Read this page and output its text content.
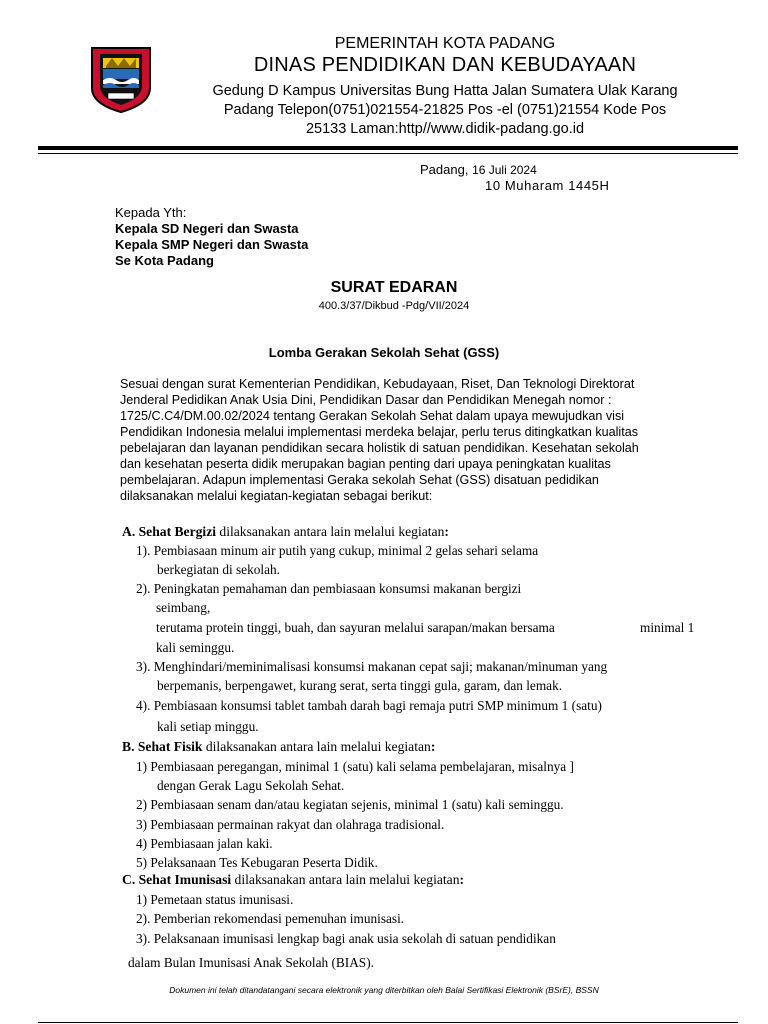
PEMERINTAH KOTA PADANG
DINAS PENDIDIKAN DAN KEBUDAYAAN
Gedung D Kampus Universitas Bung Hatta Jalan Sumatera Ulak Karang
Padang Telepon(0751)021554-21825 Pos -el (0751)21554 Kode Pos
25133 Laman:http//www.didik-padang.go.id
Padang, 16 Juli 2024
10 Muharam 1445H
Kepada Yth:
Kepala SD Negeri dan Swasta
Kepala SMP Negeri dan Swasta
Se Kota Padang
SURAT EDARAN
400.3/37/Dikbud -Pdg/VII/2024
Lomba Gerakan Sekolah Sehat (GSS)

Sesuai dengan surat Kementerian Pendidikan, Kebudayaan, Riset, Dan Teknologi Direktorat

Jenderal Pedidikan Anak Usia Dini, Pendidikan Dasar dan Pendidikan Menegah nomor :

1725/C.C4/DM.00.02/2024 tentang Gerakan Sekolah Sehat dalam upaya mewujudkan visi

Pendidikan Indonesia melalui implementasi merdeka belajar, perlu terus ditingkatkan kualitas

pebelajaran dan layanan pendidikan secara holistik di satuan pendidikan. Kesehatan sekolah

dan kesehatan peserta didik merupakan bagian penting dari upaya peningkatan kualitas

pembelajaran. Adapun implementasi Geraka sekolah Sehat (GSS) disatuan pedidikan

dilaksanakan melalui kegiatan-kegiatan sebagai berikut:

A. Sehat Bergizi dilaksanakan antara lain melalui kegiatan:
1). Pembiasaan minum air putih yang cukup, minimal 2 gelas sehari selama
berkegiatan di sekolah.
2). Peningkatan pemahaman dan pembiasaan konsumsi makanan bergizi
seimbang,
terutama protein tinggi, buah, dan sayuran melalui sarapan/makan bersama	minimal 1
kali seminggu.
3). Menghindari/meminimalisasi konsumsi makanan cepat saji; makanan/minuman yang
berpemanis, berpengawet, kurang serat, serta tinggi gula, garam, dan lemak.
4). Pembiasaan konsumsi tablet tambah darah bagi remaja putri SMP minimum 1 (satu)
kali setiap minggu.
B. Sehat Fisik dilaksanakan antara lain melalui kegiatan:
1) Pembiasaan peregangan, minimal 1 (satu) kali selama pembelajaran, misalnya ]
dengan Gerak Lagu Sekolah Sehat.
2) Pembiasaan senam dan/atau kegiatan sejenis, minimal 1 (satu) kali seminggu.
3) Pembiasaan permainan rakyat dan olahraga tradisional.
4) Pembiasaan jalan kaki.
5) Pelaksanaan Tes Kebugaran Peserta Didik.
C. Sehat Imunisasi dilaksanakan antara lain melalui kegiatan:
1) Pemetaan status imunisasi.
2). Pemberian rekomendasi pemenuhan imunisasi.
3). Pelaksanaan imunisasi lengkap bagi anak usia sekolah di satuan pendidikan
dalam Bulan Imunisasi Anak Sekolah (BIAS).
Dokumen ini telah ditandatangani secara elektronik yang diterbitkan oleh Balai Sertifikasi Elektronik (BSrE), BSSN
